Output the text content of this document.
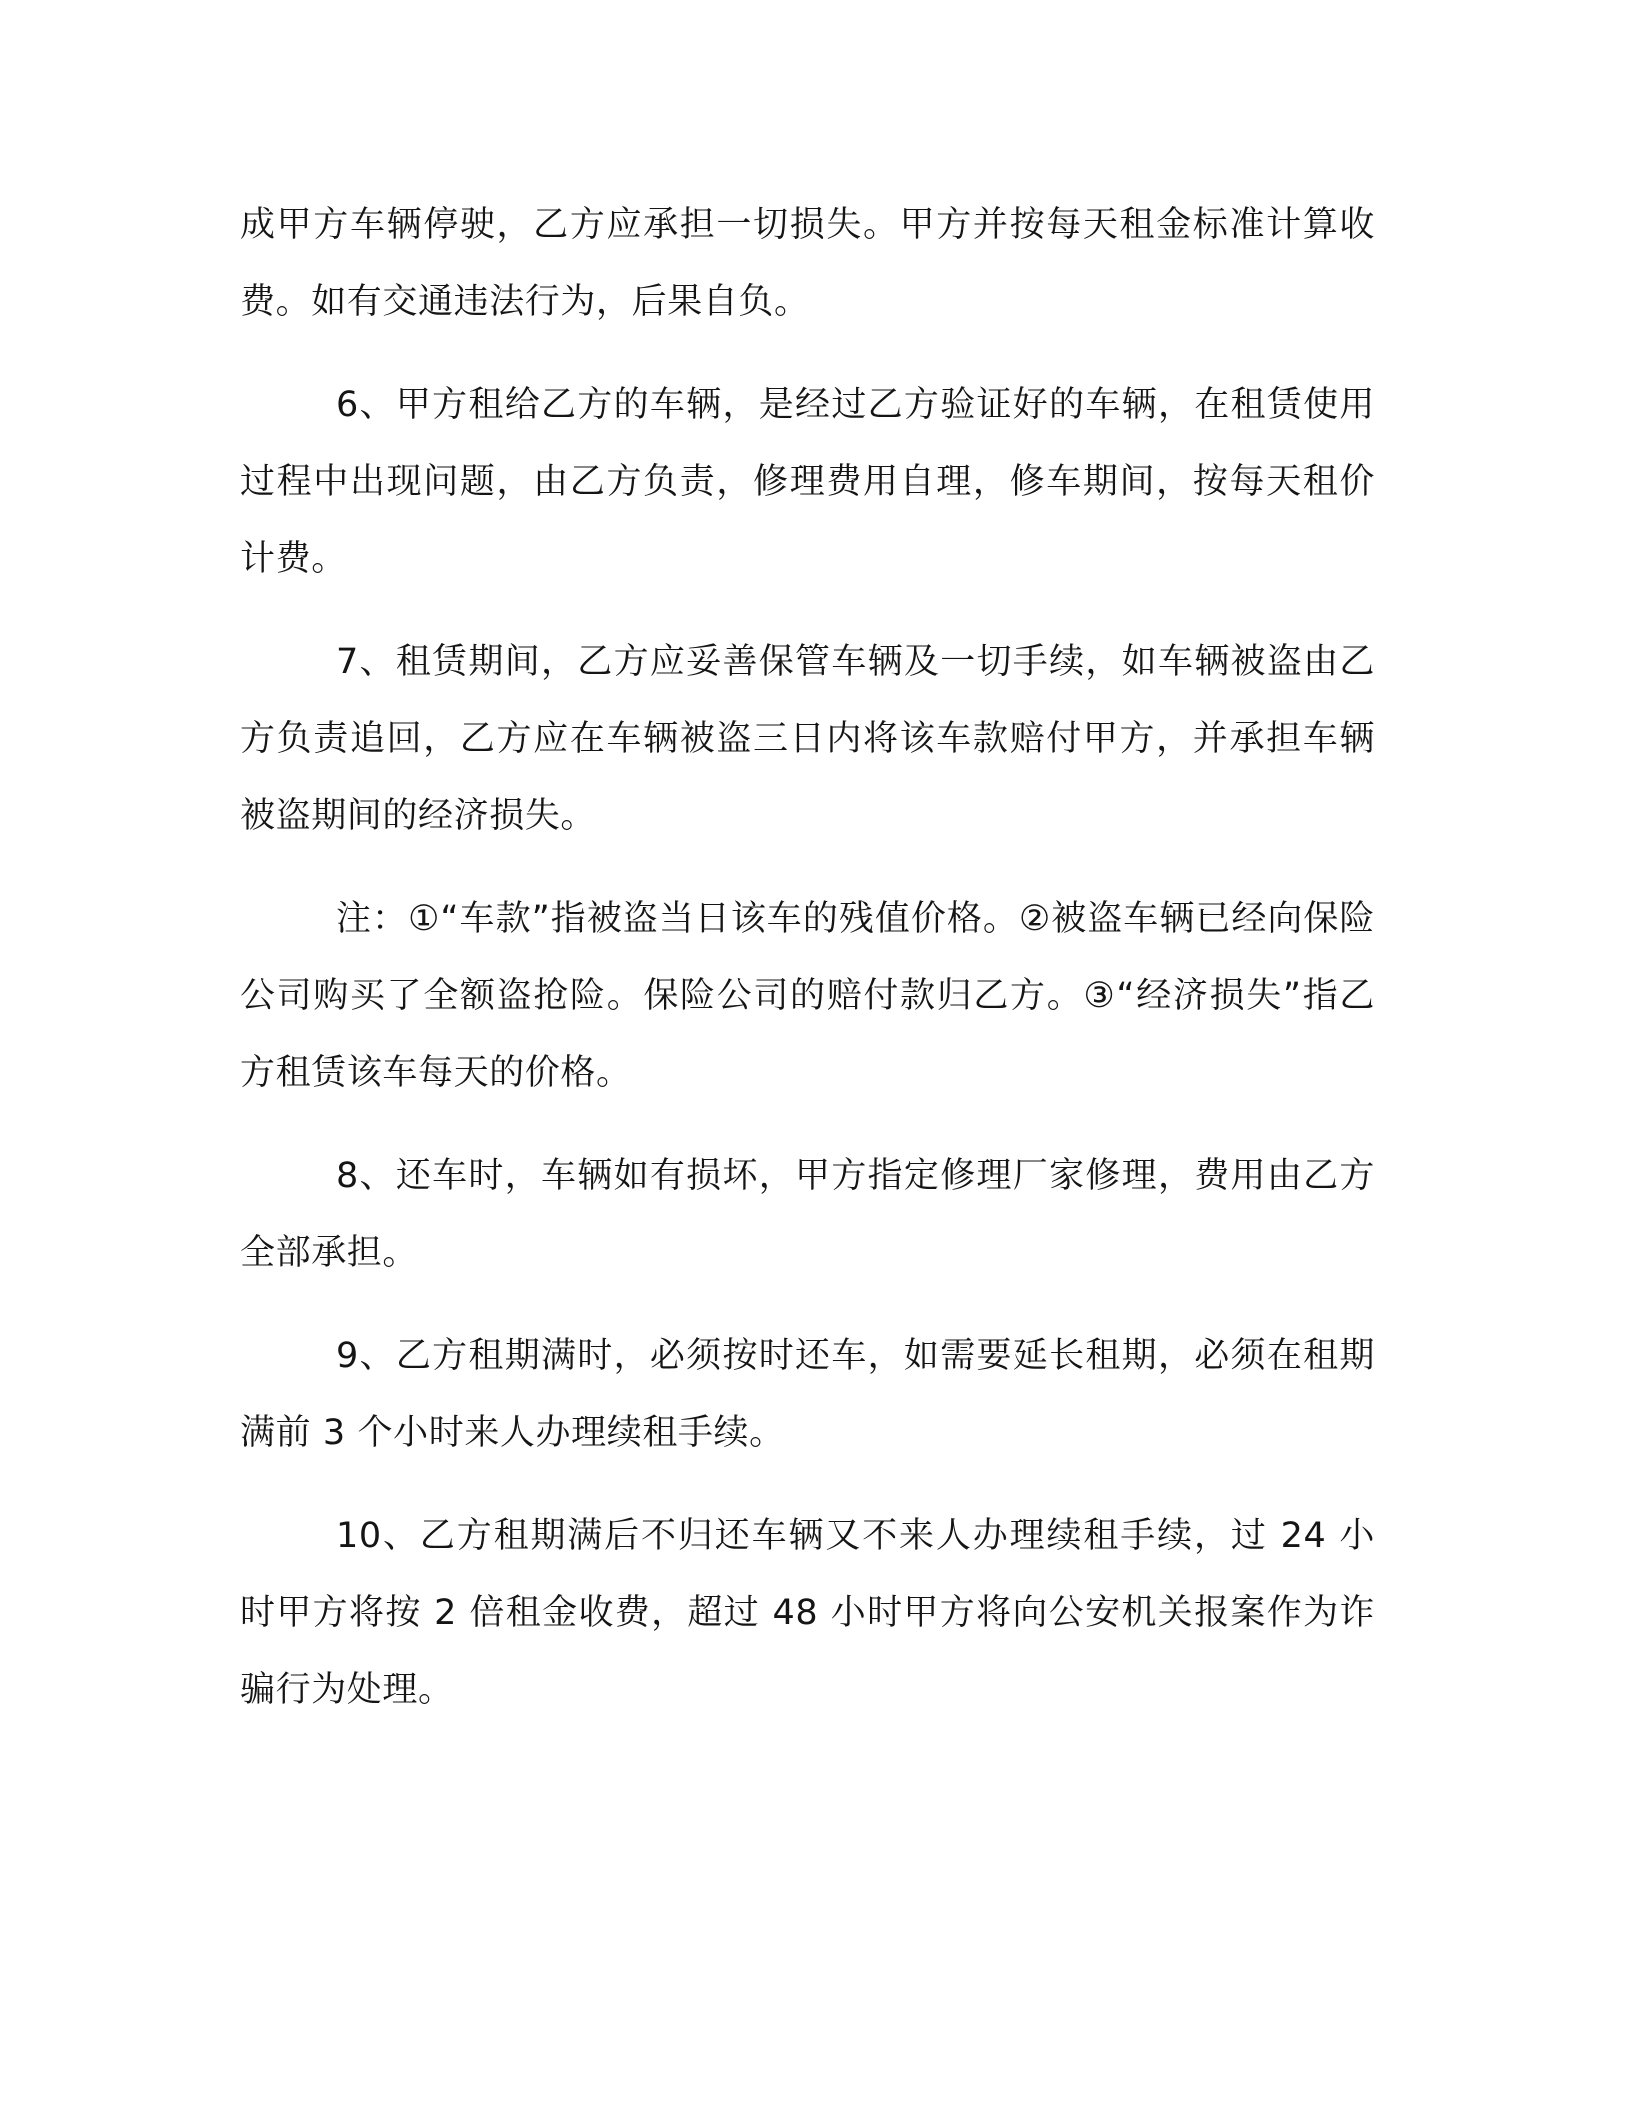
成甲方车辆停驶，乙方应承担一切损失。甲方并按每天租金标准计算收费。如有交通违法行为，后果自负。

6、甲方租给乙方的车辆，是经过乙方验证好的车辆，在租赁使用过程中出现问题，由乙方负责，修理费用自理，修车期间，按每天租价计费。

7、租赁期间，乙方应妥善保管车辆及一切手续，如车辆被盗由乙方负责追回，乙方应在车辆被盗三日内将该车款赔付甲方，并承担车辆被盗期间的经济损失。

注：①“车款”指被盗当日该车的残值价格。②被盗车辆已经向保险公司购买了全额盗抢险。保险公司的赔付款归乙方。③“经济损失”指乙方租赁该车每天的价格。

8、还车时，车辆如有损坏，甲方指定修理厂家修理，费用由乙方全部承担。

9、乙方租期满时，必须按时还车，如需要延长租期，必须在租期满前 3 个小时来人办理续租手续。

10、乙方租期满后不归还车辆又不来人办理续租手续，过 24 小时甲方将按 2 倍租金收费，超过 48 小时甲方将向公安机关报案作为诈骗行为处理。
